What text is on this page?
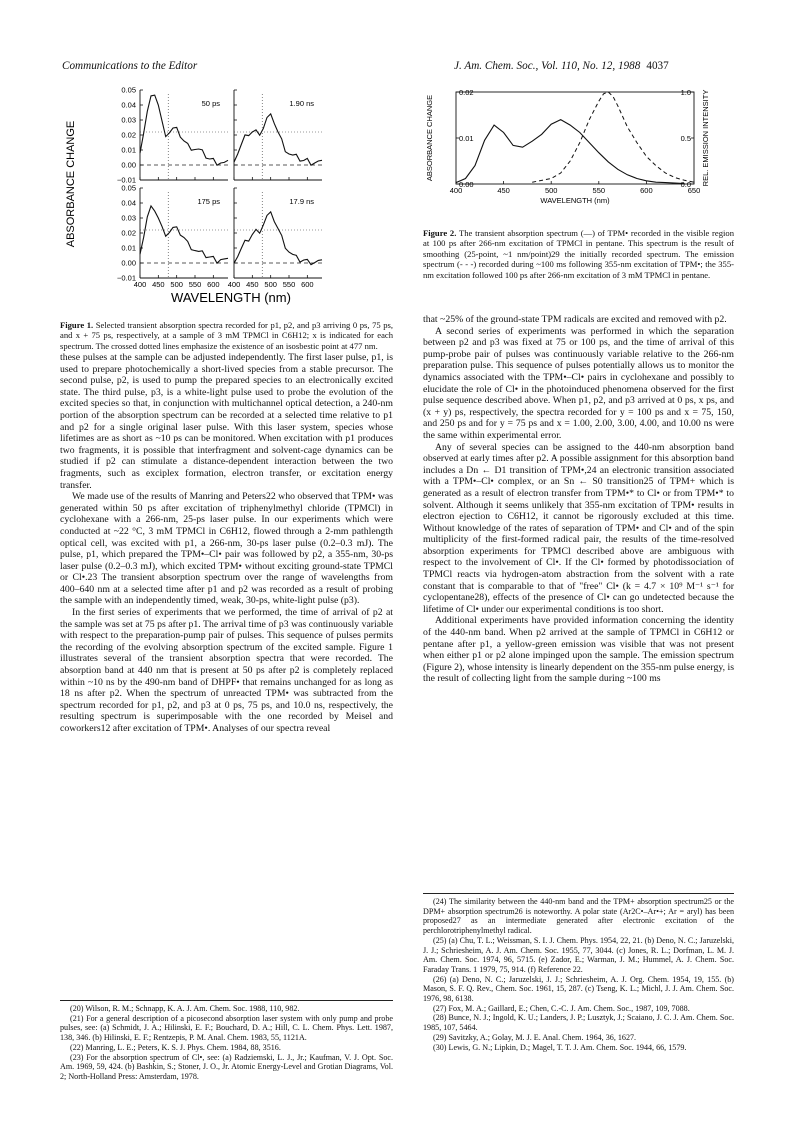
Communications to the Editor	J. Am. Chem. Soc., Vol. 110, No. 12, 1988 4037
50 ps	1.90 ns
175 ps	17.9 ns
0.05
0.04
0.03
0.02
0.01
0.00
−0.01
0.05
0.04
0.03
0.02
0.01
0.00
−0.01
400 450 500 550 600 400 450 500 550 600
ABSORBANCE CHANGE
WAVELENGTH (nm)
Figure 1. Selected transient absorption spectra recorded for p1, p2, and p3 arriving 0 ps, 75 ps, and x + 75 ps, respectively, at a sample of 3 mM TPMCl in C6H12; x is indicated for each spectrum. The crossed dotted lines emphasize the existence of an isosbestic point at 477 nm.
0.02
0.01
0.00
1.0
0.5
0.0
400	450	500	550	600	650
WAVELENGTH (nm)
ABSORBANCE CHANGE	REL. EMISSION INTENSITY
Figure 2. The transient absorption spectrum (—) of TPM• recorded in the visible region at 100 ps after 266-nm excitation of TPMCl in pentane. This spectrum is the result of smoothing (25-point, ~1 nm/point)29 the initially recorded spectrum. The emission spectrum (- - -) recorded during ~100 ms following 355-nm excitation of TPM•; the 355-nm excitation followed 100 ps after 266-nm excitation of 3 mM TPMCl in pentane.

these pulses at the sample can be adjusted independently. The first laser pulse, p1, is used to prepare photochemically a short-lived species from a stable precursor. The second pulse, p2, is used to pump the prepared species to an electronically excited state. The third pulse, p3, is a white-light pulse used to probe the evolution of the excited species so that, in conjunction with multichannel optical detection, a 240-nm portion of the absorption spectrum can be recorded at a selected time relative to p1 and p2 for a single original laser pulse. With this laser system, species whose lifetimes are as short as ~10 ps can be monitored. When excitation with p1 produces two fragments, it is possible that interfragment and solvent-cage dynamics can be studied if p2 can stimulate a distance-dependent interaction between the two fragments, such as exciplex formation, electron transfer, or excitation energy transfer.

We made use of the results of Manring and Peters22 who observed that TPM• was generated within 50 ps after excitation of triphenylmethyl chloride (TPMCl) in cyclohexane with a 266-nm, 25-ps laser pulse. In our experiments which were conducted at ~22 °C, 3 mM TPMCl in C6H12, flowed through a 2-mm pathlength optical cell, was excited with p1, a 266-nm, 30-ps laser pulse (0.2–0.3 mJ). The pulse, p1, which prepared the TPM•–Cl• pair was followed by p2, a 355-nm, 30-ps laser pulse (0.2–0.3 mJ), which excited TPM• without exciting ground-state TPMCl or Cl•.23 The transient absorption spectrum over the range of wavelengths from 400–640 nm at a selected time after p1 and p2 was recorded as a result of probing the sample with an independently timed, weak, 30-ps, white-light pulse (p3).

In the first series of experiments that we performed, the time of arrival of p2 at the sample was set at 75 ps after p1. The arrival time of p3 was continuously variable with respect to the preparation-pump pair of pulses. This sequence of pulses permits the recording of the evolving absorption spectrum of the excited sample. Figure 1 illustrates several of the transient absorption spectra that were recorded. The absorption band at 440 nm that is present at 50 ps after p2 is completely replaced within ~10 ns by the 490-nm band of DHPF• that remains unchanged for as long as 18 ns after p2. When the spectrum of unreacted TPM• was subtracted from the spectrum recorded for p1, p2, and p3 at 0 ps, 75 ps, and 10.0 ns, respectively, the resulting spectrum is superimposable with the one recorded by Meisel and coworkers12 after excitation of TPM•. Analyses of our spectra reveal

that ~25% of the ground-state TPM radicals are excited and removed with p2.

A second series of experiments was performed in which the separation between p2 and p3 was fixed at 75 or 100 ps, and the time of arrival of this pump-probe pair of pulses was continuously variable relative to the 266-nm preparation pulse. This sequence of pulses potentially allows us to monitor the dynamics associated with the TPM•–Cl• pairs in cyclohexane and possibly to elucidate the role of Cl• in the photoinduced phenomena observed for the first pulse sequence described above. When p1, p2, and p3 arrived at 0 ps, x ps, and (x + y) ps, respectively, the spectra recorded for y = 100 ps and x = 75, 150, and 250 ps and for y = 75 ps and x = 1.00, 2.00, 3.00, 4.00, and 10.00 ns were the same within experimental error.

Any of several species can be assigned to the 440-nm absorption band observed at early times after p2. A possible assignment for this absorption band includes a Dn ← D1 transition of TPM•,24 an electronic transition associated with a TPM•–Cl• complex, or an Sn ← S0 transition25 of TPM+ which is generated as a result of electron transfer from TPM•* to Cl• or from TPM•* to solvent. Although it seems unlikely that 355-nm excitation of TPM• results in electron ejection to C6H12, it cannot be rigorously excluded at this time. Without knowledge of the rates of separation of TPM• and Cl• and of the spin multiplicity of the first-formed radical pair, the results of the time-resolved absorption experiments for TPMCl described above are ambiguous with respect to the involvement of Cl•. If the Cl• formed by photodissociation of TPMCl reacts via hydrogen-atom abstraction from the solvent with a rate constant that is comparable to that of "free" Cl• (k = 4.7 × 10⁹ M⁻¹ s⁻¹ for cyclopentane28), effects of the presence of Cl• can go undetected because the lifetime of Cl• under our experimental conditions is too short.

Additional experiments have provided information concerning the identity of the 440-nm band. When p2 arrived at the sample of TPMCl in C6H12 or pentane after p1, a yellow-green emission was visible that was not present when either p1 or p2 alone impinged upon the sample. The emission spectrum (Figure 2), whose intensity is linearly dependent on the 355-nm pulse energy, is the result of collecting light from the sample during ~100 ms

(20) Wilson, R. M.; Schnapp, K. A. J. Am. Chem. Soc. 1988, 110, 982.
(21) For a general description of a picosecond absorption laser system with only pump and probe pulses, see: (a) Schmidt, J. A.; Hilinski, E. F.; Bouchard, D. A.; Hill, C. L. Chem. Phys. Lett. 1987, 138, 346. (b) Hilinski, E. F.; Rentzepis, P. M. Anal. Chem. 1983, 55, 1121A.
(22) Manring, L. E.; Peters, K. S. J. Phys. Chem. 1984, 88, 3516.
(23) For the absorption spectrum of Cl•, see: (a) Radziemski, L. J., Jr.; Kaufman, V. J. Opt. Soc. Am. 1969, 59, 424. (b) Bashkin, S.; Stoner, J. O., Jr. Atomic Energy-Level and Grotian Diagrams, Vol. 2; North-Holland Press: Amsterdam, 1978.
(24) The similarity between the 440-nm band and the TPM+ absorption spectrum25 or the DPM+ absorption spectrum26 is noteworthy. A polar state (Ar2C•–Ar•+; Ar = aryl) has been proposed27 as an intermediate generated after electronic excitation of the perchlorotriphenylmethyl radical.
(25) (a) Chu, T. L.; Weissman, S. I. J. Chem. Phys. 1954, 22, 21. (b) Deno, N. C.; Jaruzelski, J. J.; Schriesheim, A. J. Am. Chem. Soc. 1955, 77, 3044. (c) Jones, R. L.; Dorfman, L. M. J. Am. Chem. Soc. 1974, 96, 5715. (e) Zador, E.; Warman, J. M.; Hummel, A. J. Chem. Soc. Faraday Trans. 1 1979, 75, 914. (f) Reference 22.
(26) (a) Deno, N. C.; Jaruzelski, J. J.; Schriesheim, A. J. Org. Chem. 1954, 19, 155. (b) Mason, S. F. Q. Rev., Chem. Soc. 1961, 15, 287. (c) Tseng, K. L.; Michl, J. J. Am. Chem. Soc. 1976, 98, 6138.
(27) Fox, M. A.; Gaillard, E.; Chen, C.-C. J. Am. Chem. Soc., 1987, 109, 7088.
(28) Bunce, N. J.; Ingold, K. U.; Landers, J. P.; Lusztyk, J.; Scaiano, J. C. J. Am. Chem. Soc. 1985, 107, 5464.
(29) Savitzky, A.; Golay, M. J. E. Anal. Chem. 1964, 36, 1627.
(30) Lewis, G. N.; Lipkin, D.; Magel, T. T. J. Am. Chem. Soc. 1944, 66, 1579.
